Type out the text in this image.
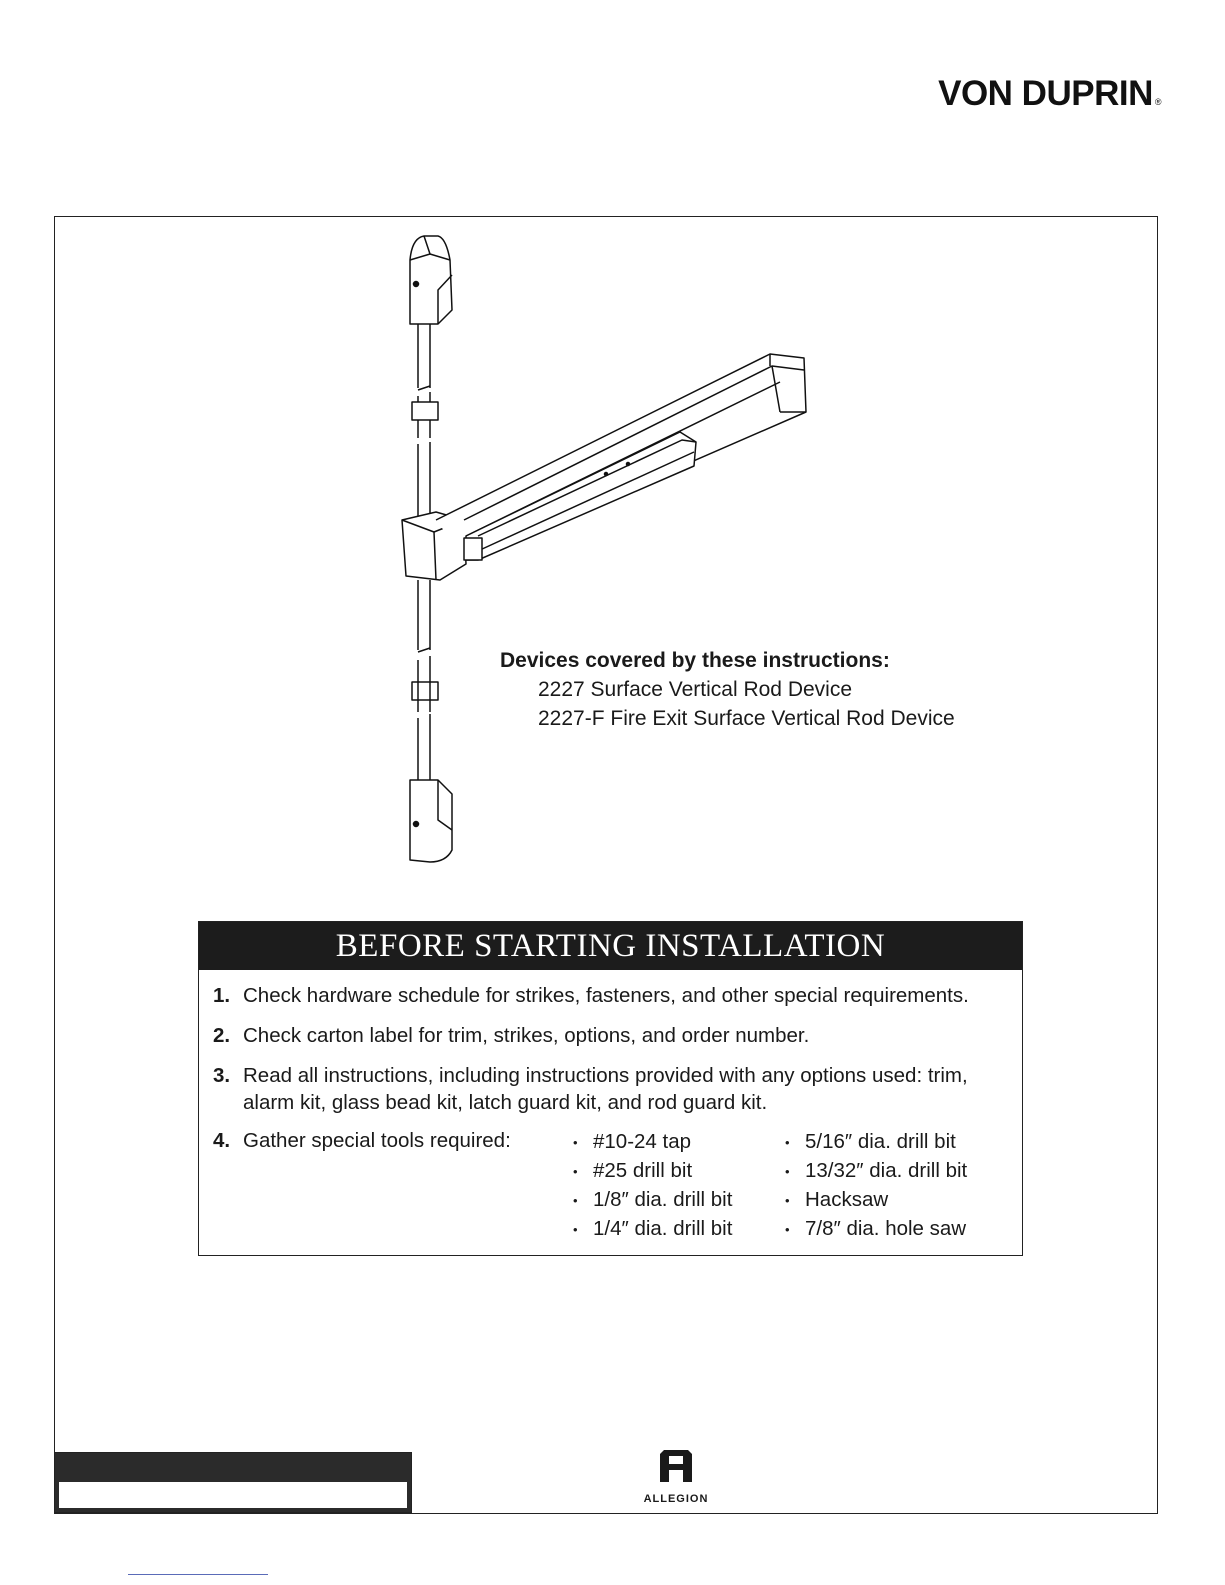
VON DUPRIN ®
Devices covered by these instructions:
2227 Surface Vertical Rod Device
2227-F Fire Exit Surface Vertical Rod Device
BEFORE STARTING INSTALLATION
1. Check hardware schedule for strikes, fasteners, and other special requirements.
2. Check carton label for trim, strikes, options, and order number.
3. Read all instructions, including instructions provided with any options used: trim, alarm kit, glass bead kit, latch guard kit, and rod guard kit.
4. Gather special tools required:	• #10-24 tap
• #25 drill bit
• 1/8″ dia. drill bit
• 1/4″ dia. drill bit
• 5/16″ dia. drill bit
• 13/32″ dia. drill bit
• Hacksaw
• 7/8″ dia. hole saw
ALLEGION
